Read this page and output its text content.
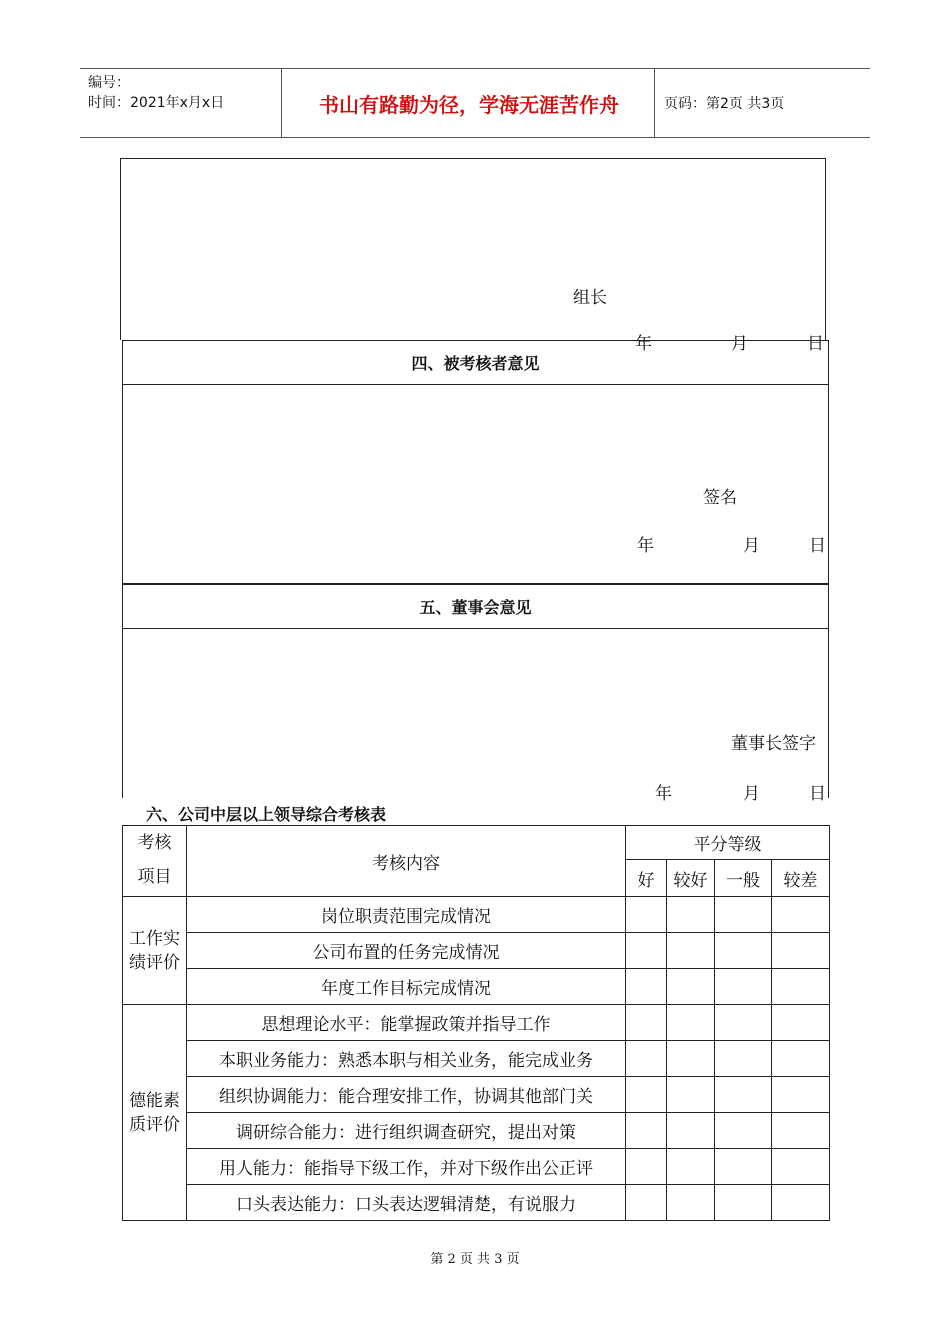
编号：
时间：2021年x月x日	书山有路勤为径，学海无涯苦作舟	页码：第2页 共3页
组长
年	月	日
四、被考核者意见
签名
年	月	日
五、董事会意见
董事长签字
年	月	日
六、公司中层以上领导综合考核表
考核
项目	考核内容	平分等级			
		好	较好	一般	较差
工作实绩评价	岗位职责范围完成情况				
	公司布置的任务完成情况				
	年度工作目标完成情况				
德能素质评价	思想理论水平：能掌握政策并指导工作				
	本职业务能力：熟悉本职与相关业务，能完成业务				
	组织协调能力：能合理安排工作，协调其他部门关				
	调研综合能力：进行组织调查研究，提出对策				
	用人能力：能指导下级工作，并对下级作出公正评				
	口头表达能力：口头表达逻辑清楚，有说服力				
第 2 页 共 3 页
